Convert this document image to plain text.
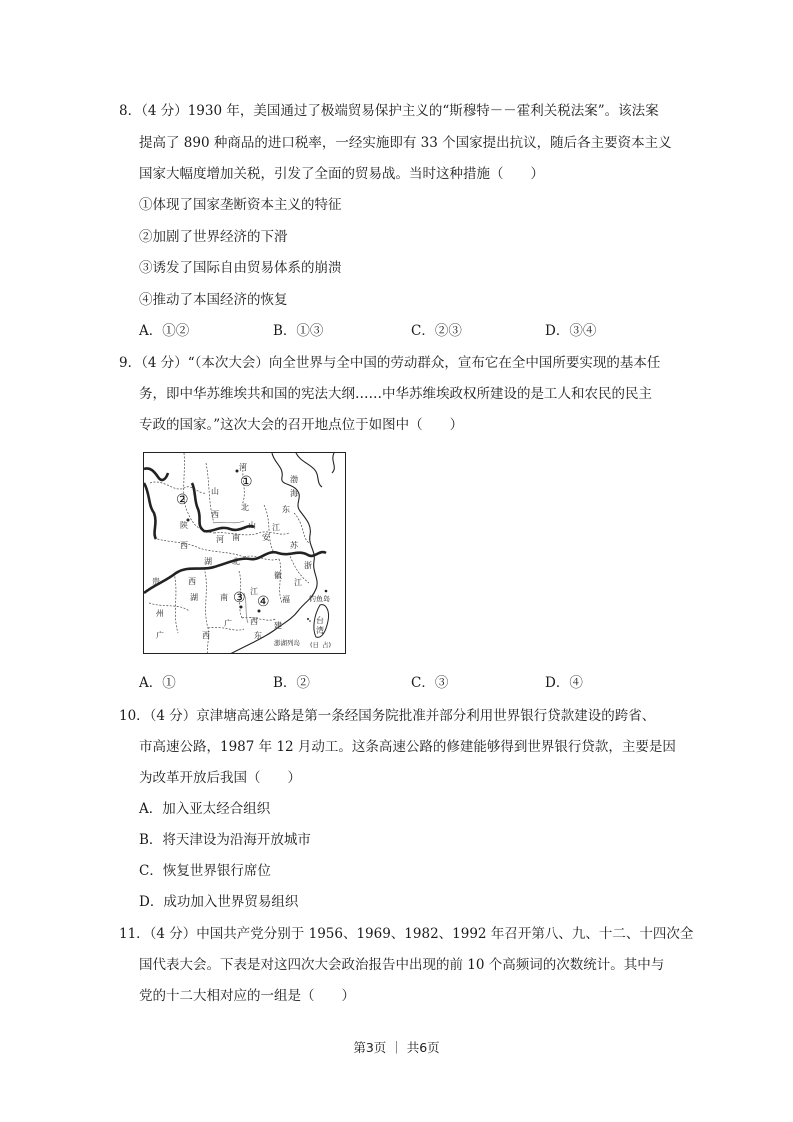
8．（4 分）1930 年，美国通过了极端贸易保护主义的“斯穆特－－霍利关税法案”。该法案
提高了 890 种商品的进口税率，一经实施即有 33 个国家提出抗议，随后各主要资本主义
国家大幅度增加关税，引发了全面的贸易战。当时这种措施（　　）
①体现了国家垄断资本主义的特征
②加剧了世界经济的下滑
③诱发了国际自由贸易体系的崩溃
④推动了本国经济的恢复
A．①②	B．①③	C．②③	D．③④
9．（4 分）“（本次大会）向全世界与全中国的劳动群众，宣布它在全中国所要实现的基本任
务，即中华苏维埃共和国的宪法大纲……中华苏维埃政权所建设的是工人和农民的民主
专政的国家。”这次大会的召开地点位于如图中（　　）
河
北
渤
海
山
西
陕
西
山
东
江
苏
河 南	安
徽
湖	北	浙
江
贵
州
湖	南
江
西
福
建
广	西	东
广
钓鱼岛
台
湾
(日 占)
澎湖列岛
西
①
②
③ ④
A．①	B．②	C．③	D．④
10．（4 分）京津塘高速公路是第一条经国务院批准并部分利用世界银行贷款建设的跨省、
市高速公路，1987 年 12 月动工。这条高速公路的修建能够得到世界银行贷款，主要是因
为改革开放后我国（　　）
A．加入亚太经合组织
B．将天津设为沿海开放城市
C．恢复世界银行席位
D．成功加入世界贸易组织
11．（4 分）中国共产党分别于 1956、1969、1982、1992 年召开第八、九、十二、十四次全
国代表大会。下表是对这四次大会政治报告中出现的前 10 个高频词的次数统计。其中与
党的十二大相对应的一组是（　　）
第3页 ｜ 共6页
